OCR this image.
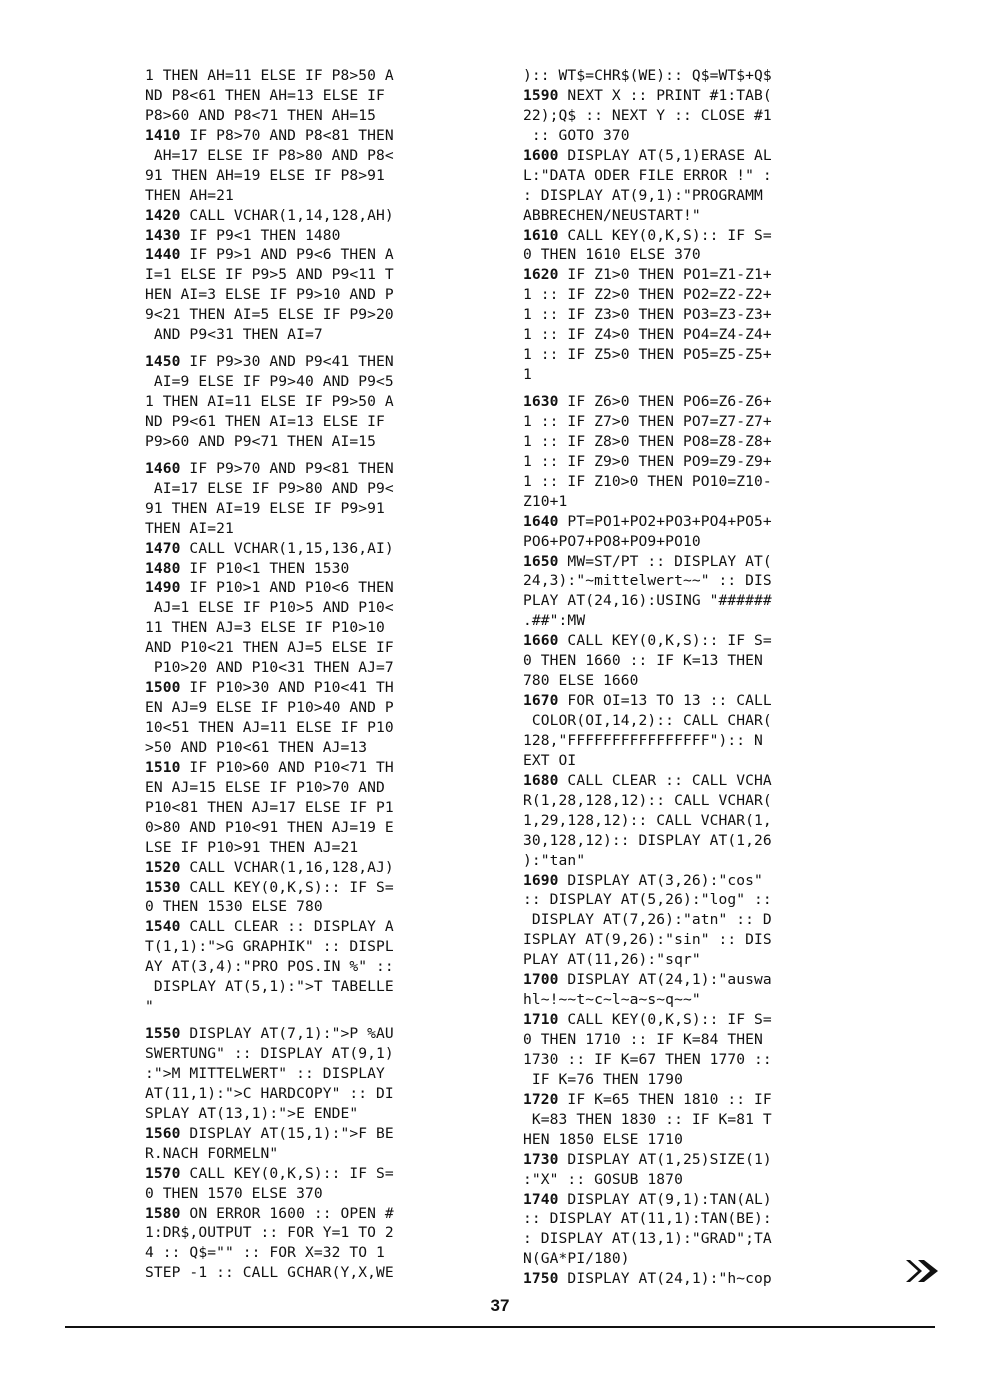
1 THEN AH=11 ELSE IF P8>50 A
ND P8<61 THEN AH=13 ELSE IF
P8>60 AND P8<71 THEN AH=15
1410 IF P8>70 AND P8<81 THEN
AH=17 ELSE IF P8>80 AND P8<
91 THEN AH=19 ELSE IF P8>91
THEN AH=21
1420 CALL VCHAR(1,14,128,AH)
1430 IF P9<1 THEN 1480
1440 IF P9>1 AND P9<6 THEN A
I=1 ELSE IF P9>5 AND P9<11 T
HEN AI=3 ELSE IF P9>10 AND P
9<21 THEN AI=5 ELSE IF P9>20
AND P9<31 THEN AI=7
1450 IF P9>30 AND P9<41 THEN
AI=9 ELSE IF P9>40 AND P9<5
1 THEN AI=11 ELSE IF P9>50 A
ND P9<61 THEN AI=13 ELSE IF
P9>60 AND P9<71 THEN AI=15
1460 IF P9>70 AND P9<81 THEN
AI=17 ELSE IF P9>80 AND P9<
91 THEN AI=19 ELSE IF P9>91
THEN AI=21
1470 CALL VCHAR(1,15,136,AI)
1480 IF P10<1 THEN 1530
1490 IF P10>1 AND P10<6 THEN
AJ=1 ELSE IF P10>5 AND P10<
11 THEN AJ=3 ELSE IF P10>10
AND P10<21 THEN AJ=5 ELSE IF
P10>20 AND P10<31 THEN AJ=7
1500 IF P10>30 AND P10<41 TH
EN AJ=9 ELSE IF P10>40 AND P
10<51 THEN AJ=11 ELSE IF P10
>50 AND P10<61 THEN AJ=13
1510 IF P10>60 AND P10<71 TH
EN AJ=15 ELSE IF P10>70 AND
P10<81 THEN AJ=17 ELSE IF P1
0>80 AND P10<91 THEN AJ=19 E
LSE IF P10>91 THEN AJ=21
1520 CALL VCHAR(1,16,128,AJ)
1530 CALL KEY(0,K,S):: IF S=
0 THEN 1530 ELSE 780
1540 CALL CLEAR :: DISPLAY A
T(1,1):">G GRAPHIK" :: DISPL
AY AT(3,4):"PRO POS.IN %" ::
DISPLAY AT(5,1):">T TABELLE
"
1550 DISPLAY AT(7,1):">P %AU
SWERTUNG" :: DISPLAY AT(9,1)
:">M MITTELWERT" :: DISPLAY
AT(11,1):">C HARDCOPY" :: DI
SPLAY AT(13,1):">E ENDE"
1560 DISPLAY AT(15,1):">F BE
R.NACH FORMELN"
1570 CALL KEY(0,K,S):: IF S=
0 THEN 1570 ELSE 370
1580 ON ERROR 1600 :: OPEN #
1:DR$,OUTPUT :: FOR Y=1 TO 2
4 :: Q$="" :: FOR X=32 TO 1
STEP -1 :: CALL GCHAR(Y,X,WE
):: WT$=CHR$(WE):: Q$=WT$+Q$
1590 NEXT X :: PRINT #1:TAB(
22);Q$ :: NEXT Y :: CLOSE #1
:: GOTO 370
1600 DISPLAY AT(5,1)ERASE AL
L:"DATA ODER FILE ERROR !" :
: DISPLAY AT(9,1):"PROGRAMM
ABBRECHEN/NEUSTART!"
1610 CALL KEY(0,K,S):: IF S=
0 THEN 1610 ELSE 370
1620 IF Z1>0 THEN PO1=Z1-Z1+
1 :: IF Z2>0 THEN PO2=Z2-Z2+
1 :: IF Z3>0 THEN PO3=Z3-Z3+
1 :: IF Z4>0 THEN PO4=Z4-Z4+
1 :: IF Z5>0 THEN PO5=Z5-Z5+
1
1630 IF Z6>0 THEN PO6=Z6-Z6+
1 :: IF Z7>0 THEN PO7=Z7-Z7+
1 :: IF Z8>0 THEN PO8=Z8-Z8+
1 :: IF Z9>0 THEN PO9=Z9-Z9+
1 :: IF Z10>0 THEN PO10=Z10-
Z10+1
1640 PT=PO1+PO2+PO3+PO4+PO5+
PO6+PO7+PO8+PO9+PO10
1650 MW=ST/PT :: DISPLAY AT(
24,3):"~mittelwert~~" :: DIS
PLAY AT(24,16):USING "######
.##":MW
1660 CALL KEY(0,K,S):: IF S=
0 THEN 1660 :: IF K=13 THEN
780 ELSE 1660
1670 FOR OI=13 TO 13 :: CALL
COLOR(OI,14,2):: CALL CHAR(
128,"FFFFFFFFFFFFFFFF"):: N
EXT OI
1680 CALL CLEAR :: CALL VCHA
R(1,28,128,12):: CALL VCHAR(
1,29,128,12):: CALL VCHAR(1,
30,128,12):: DISPLAY AT(1,26
):"tan"
1690 DISPLAY AT(3,26):"cos"
:: DISPLAY AT(5,26):"log" ::
DISPLAY AT(7,26):"atn" :: D
ISPLAY AT(9,26):"sin" :: DIS
PLAY AT(11,26):"sqr"
1700 DISPLAY AT(24,1):"auswa
hl~!~~t~c~l~a~s~q~~"
1710 CALL KEY(0,K,S):: IF S=
0 THEN 1710 :: IF K=84 THEN
1730 :: IF K=67 THEN 1770 ::
IF K=76 THEN 1790
1720 IF K=65 THEN 1810 :: IF
K=83 THEN 1830 :: IF K=81 T
HEN 1850 ELSE 1710
1730 DISPLAY AT(1,25)SIZE(1)
:"X" :: GOSUB 1870
1740 DISPLAY AT(9,1):TAN(AL)
:: DISPLAY AT(11,1):TAN(BE):
: DISPLAY AT(13,1):"GRAD";TA
N(GA*PI/180)
1750 DISPLAY AT(24,1):"h~cop
37
